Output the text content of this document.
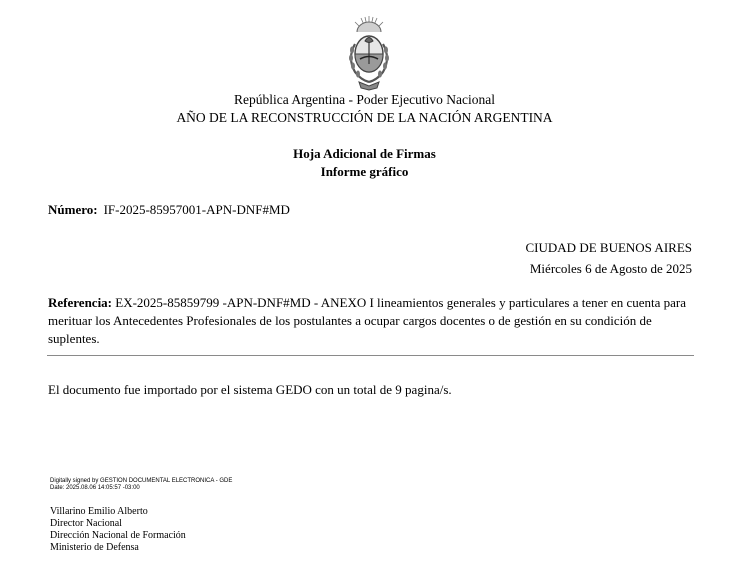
República Argentina - Poder Ejecutivo Nacional
AÑO DE LA RECONSTRUCCIÓN DE LA NACIÓN ARGENTINA
Hoja Adicional de Firmas
Informe gráfico
Número: IF-2025-85957001-APN-DNF#MD
CIUDAD DE BUENOS AIRES
Miércoles 6 de Agosto de 2025
Referencia: EX-2025-85859799 -APN-DNF#MD - ANEXO I lineamientos generales y particulares a tener en cuenta para merituar los Antecedentes Profesionales de los postulantes a ocupar cargos docentes o de gestión en su condición de suplentes.
El documento fue importado por el sistema GEDO con un total de 9 pagina/s.
Digitally signed by GESTION DOCUMENTAL ELECTRONICA - GDE
Date: 2025.08.06 14:05:57 -03:00
Villarino Emilio Alberto
Director Nacional
Dirección Nacional de Formación
Ministerio de Defensa
